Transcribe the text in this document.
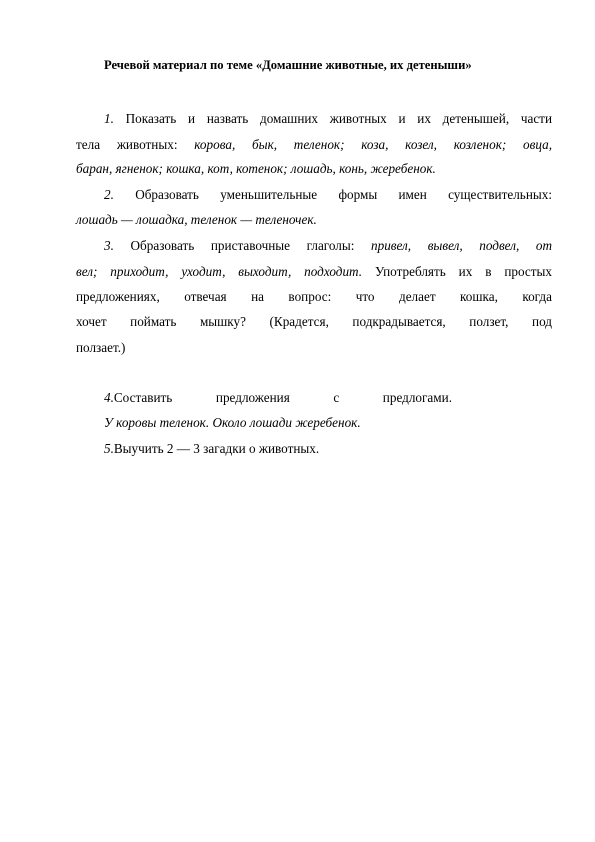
Речевой материал по теме «Домашние животные, их детеныши»
1. Показать и назвать домашних животных и их детенышей, части
тела животных: корова, бык, теленок; коза, козел, козленок; овца,
баран, ягненок; кошка, кот, котенок; лошадь, конь, жеребенок.
2. Образовать уменьшительные формы имен существительных:
лошадь — лошадка, теленок — теленочек.
3. Образовать приставочные глаголы: привел, вывел, подвел, от
вел; приходит, уходит, выходит, подходит. Употреблять их в простых
предложениях, отвечая на вопрос: что делает кошка, когда
хочет поймать мышку? (Крадется, подкрадывается, ползет, под
ползает.)
4.Составить предложения с предлогами.
У коровы теленок. Около лошади жеребенок.
5.Выучить 2 — 3 загадки о животных.
